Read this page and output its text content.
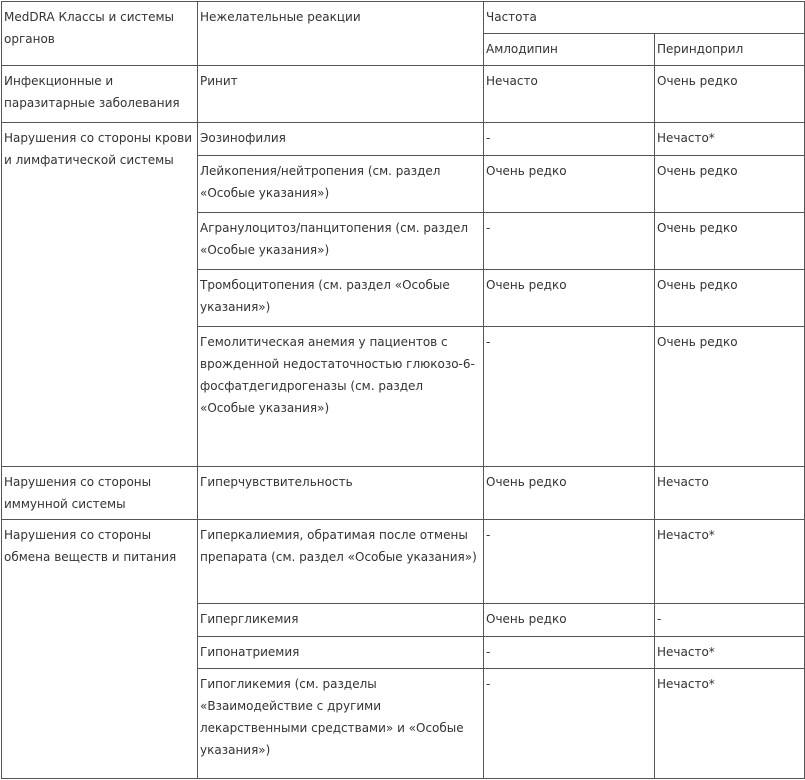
MedDRA Классы и системы органов	Нежелательные реакции	Частота	
		Амлодипин	Периндоприл
Инфекционные и паразитарные заболевания	Ринит	Нечасто	Очень редко
Нарушения со стороны крови и лимфатической системы	Эозинофилия	-	Нечасто*
	Лейкопения/нейтропения (см. раздел «Особые указания»)	Очень редко	Очень редко
	Агранулоцитоз/панцитопения (см. раздел «Особые указания»)	-	Очень редко
	Тромбоцитопения (см. раздел «Особые указания»)	Очень редко	Очень редко
	Гемолитическая анемия у пациентов с врожденной недостаточностью глюкозо-6-фосфатдегидрогеназы (см. раздел «Особые указания»)	-	Очень редко
Нарушения со стороны иммунной системы	Гиперчувствительность	Очень редко	Нечасто
Нарушения со стороны обмена веществ и питания	Гиперкалиемия, обратимая после отмены препарата (см. раздел «Особые указания»)	-	Нечасто*
	Гипергликемия	Очень редко	-
	Гипонатриемия	-	Нечасто*
	Гипогликемия (см. разделы «Взаимодействие с другими лекарственными средствами» и «Особые указания»)	-	Нечасто*
